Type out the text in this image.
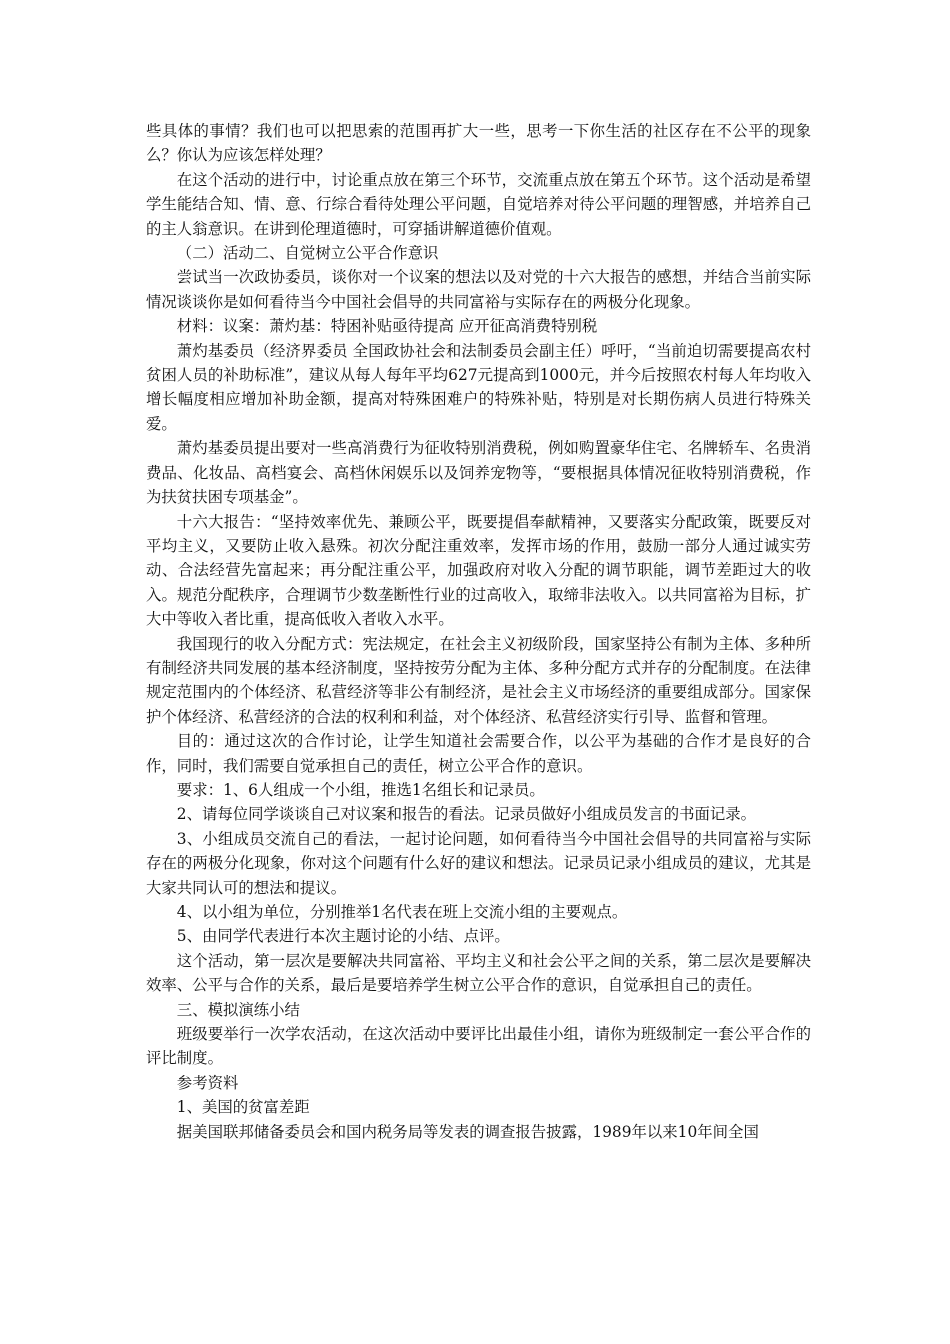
些具体的事情？我们也可以把思索的范围再扩大一些，思考一下你生活的社区存在不公平的现象么？你认为应该怎样处理？

在这个活动的进行中，讨论重点放在第三个环节，交流重点放在第五个环节。这个活动是希望学生能结合知、情、意、行综合看待处理公平问题，自觉培养对待公平问题的理智感，并培养自己的主人翁意识。在讲到伦理道德时，可穿插讲解道德价值观。

（二）活动二、自觉树立公平合作意识

尝试当一次政协委员，谈你对一个议案的想法以及对党的十六大报告的感想，并结合当前实际情况谈谈你是如何看待当今中国社会倡导的共同富裕与实际存在的两极分化现象。

材料：议案：萧灼基：特困补贴亟待提高 应开征高消费特别税

萧灼基委员（经济界委员 全国政协社会和法制委员会副主任）呼吁，“当前迫切需要提高农村贫困人员的补助标准”，建议从每人每年平均627元提高到1000元，并今后按照农村每人年均收入增长幅度相应增加补助金额，提高对特殊困难户的特殊补贴，特别是对长期伤病人员进行特殊关爱。

萧灼基委员提出要对一些高消费行为征收特别消费税，例如购置豪华住宅、名牌轿车、名贵消费品、化妆品、高档宴会、高档休闲娱乐以及饲养宠物等，“要根据具体情况征收特别消费税，作为扶贫扶困专项基金”。

十六大报告：“坚持效率优先、兼顾公平，既要提倡奉献精神，又要落实分配政策，既要反对平均主义，又要防止收入悬殊。初次分配注重效率，发挥市场的作用，鼓励一部分人通过诚实劳动、合法经营先富起来；再分配注重公平，加强政府对收入分配的调节职能，调节差距过大的收入。规范分配秩序，合理调节少数垄断性行业的过高收入，取缔非法收入。以共同富裕为目标，扩大中等收入者比重，提高低收入者收入水平。

我国现行的收入分配方式：宪法规定，在社会主义初级阶段，国家坚持公有制为主体、多种所有制经济共同发展的基本经济制度，坚持按劳分配为主体、多种分配方式并存的分配制度。在法律规定范围内的个体经济、私营经济等非公有制经济，是社会主义市场经济的重要组成部分。国家保护个体经济、私营经济的合法的权利和利益，对个体经济、私营经济实行引导、监督和管理。

目的：通过这次的合作讨论，让学生知道社会需要合作，以公平为基础的合作才是良好的合作，同时，我们需要自觉承担自己的责任，树立公平合作的意识。

要求：1、6人组成一个小组，推选1名组长和记录员。

2、请每位同学谈谈自己对议案和报告的看法。记录员做好小组成员发言的书面记录。

3、小组成员交流自己的看法，一起讨论问题，如何看待当今中国社会倡导的共同富裕与实际存在的两极分化现象，你对这个问题有什么好的建议和想法。记录员记录小组成员的建议，尤其是大家共同认可的想法和提议。

4、以小组为单位，分别推举1名代表在班上交流小组的主要观点。

5、由同学代表进行本次主题讨论的小结、点评。

这个活动，第一层次是要解决共同富裕、平均主义和社会公平之间的关系，第二层次是要解决效率、公平与合作的关系，最后是要培养学生树立公平合作的意识，自觉承担自己的责任。

三、模拟演练小结

班级要举行一次学农活动，在这次活动中要评比出最佳小组，请你为班级制定一套公平合作的评比制度。

参考资料

1、美国的贫富差距

据美国联邦储备委员会和国内税务局等发表的调查报告披露，1989年以来10年间全国
